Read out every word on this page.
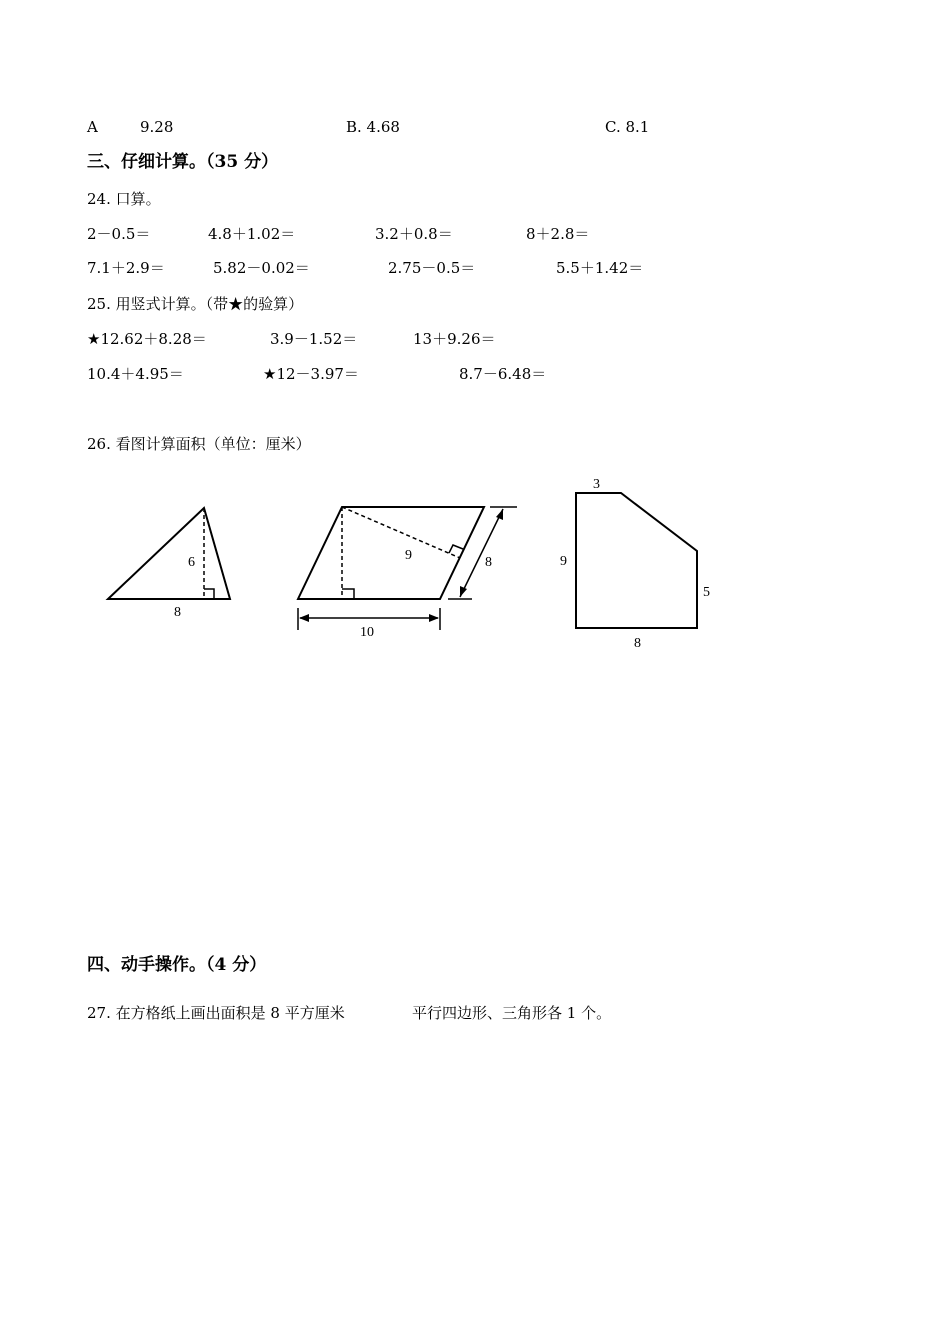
A	9.28	B. 4.68	C. 8.1
三、仔细计算。（35 分）
24. 口算。
2－0.5＝	4.8＋1.02＝	3.2＋0.8＝	8＋2.8＝
7.1＋2.9＝	5.82－0.02＝	2.75－0.5＝	5.5＋1.42＝
25. 用竖式计算。（带★的验算）
★12.62＋8.28＝	3.9－1.52＝	13＋9.26＝
10.4＋4.95＝	★12－3.97＝	8.7－6.48＝
26. 看图计算面积（单位：厘米）
6
8
9	8
10
3
9
5
8
四、动手操作。（4 分）
27. 在方格纸上画出面积是 8 平方厘米	平行四边形、三角形各 1 个。
